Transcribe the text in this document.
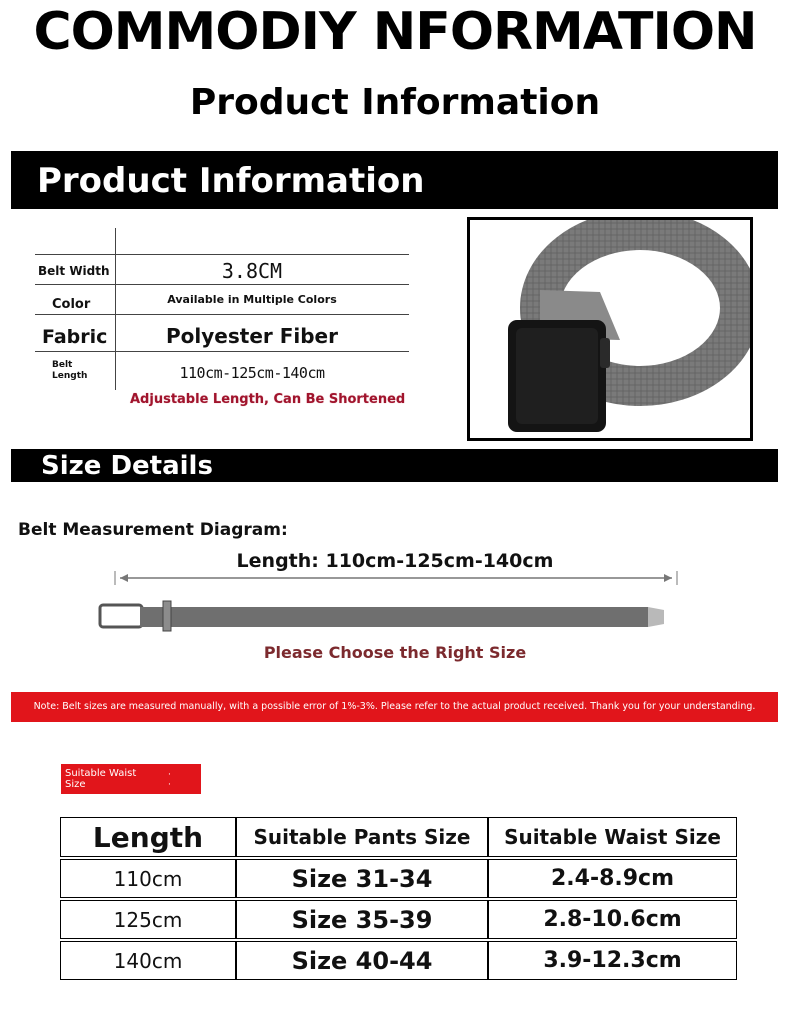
COMMODIY NFORMATION
Product Information
Product Information
Belt Width	3.8CM
Color	Available in Multiple Colors
Fabric	Polyester Fiber
Belt Length	110cm-125cm-140cm
Adjustable Length, Can Be Shortened
Size Details
Belt Measurement Diagram:
Length: 110cm-125cm-140cm
Please Choose the Right Size
Note: Belt sizes are measured manually, with a possible error of 1%-3%. Please refer to the actual product received. Thank you for your understanding.
Suitable Waist Size
·
·
Length	Suitable Pants Size	Suitable Waist Size

110cm	Size 31-34	2.4-8.9cm

125cm	Size 35-39	2.8-10.6cm

140cm	Size 40-44	3.9-12.3cm
